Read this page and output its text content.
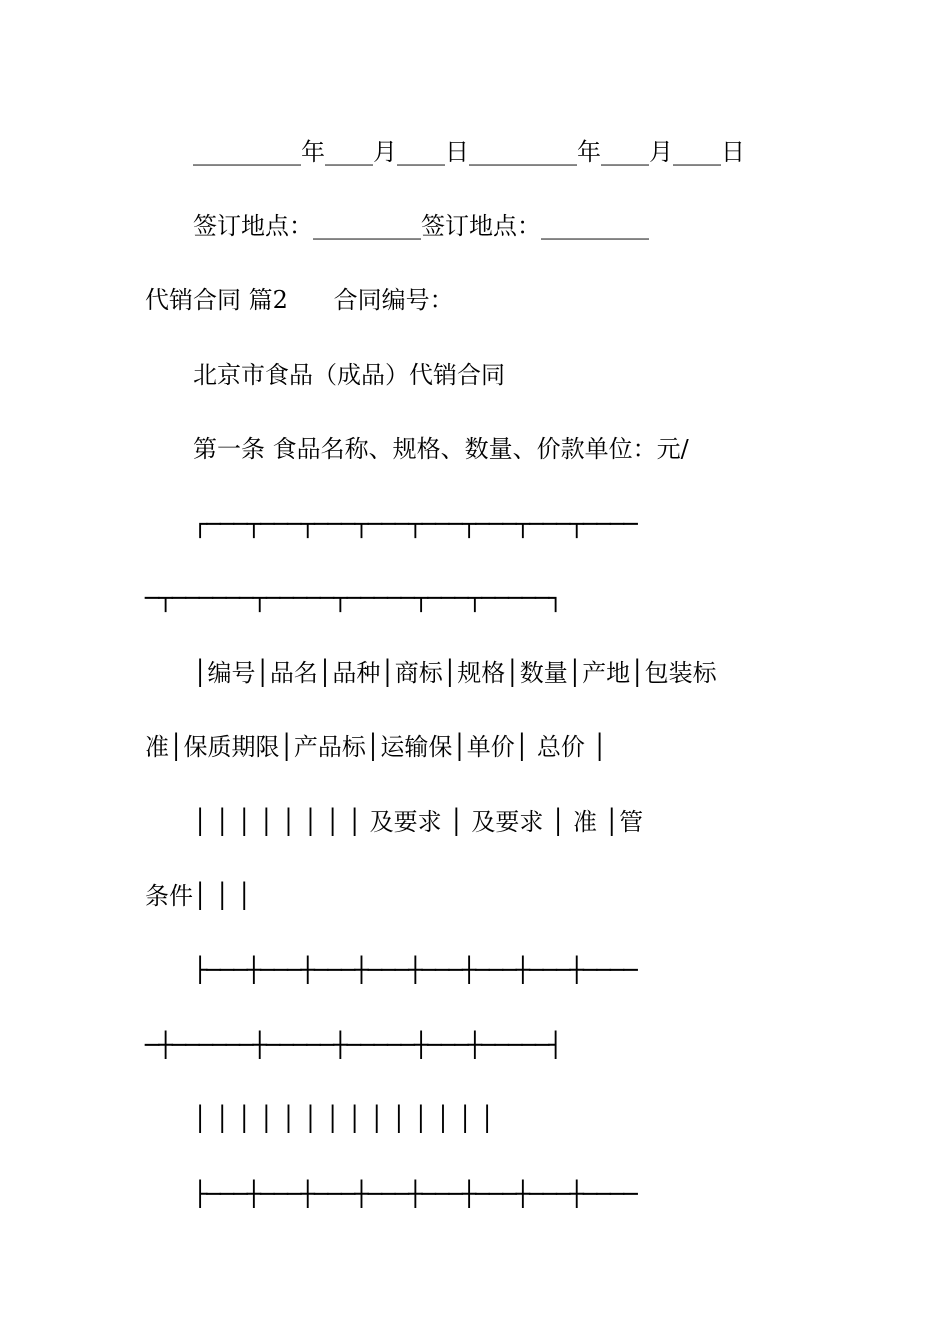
_________年____月____日_________年____月____日

签订地点：_________签订地点：_________

代销合同 篇2      合同编号：

北京市食品（成品）代销合同

第一条 食品名称、规格、数量、价款单位：元/

┌───┬───┬───┬───┬───┬───┬───┬────

─┬──────┬─────┬─────┬───┬─────┐

│编号│品名│品种│商标│规格│数量│产地│包装标

准│保质期限│产品标│运输保│单价│ 总价 │

│ │ │ │ │ │ │ │ 及要求 │ 及要求 │ 准 │管

条件│ │ │

├───┼───┼───┼───┼───┼───┼───┼────

─┼──────┼─────┼─────┼───┼─────┤

│ │ │ │ │ │ │ │ │ │ │ │ │ │

├───┼───┼───┼───┼───┼───┼───┼────
